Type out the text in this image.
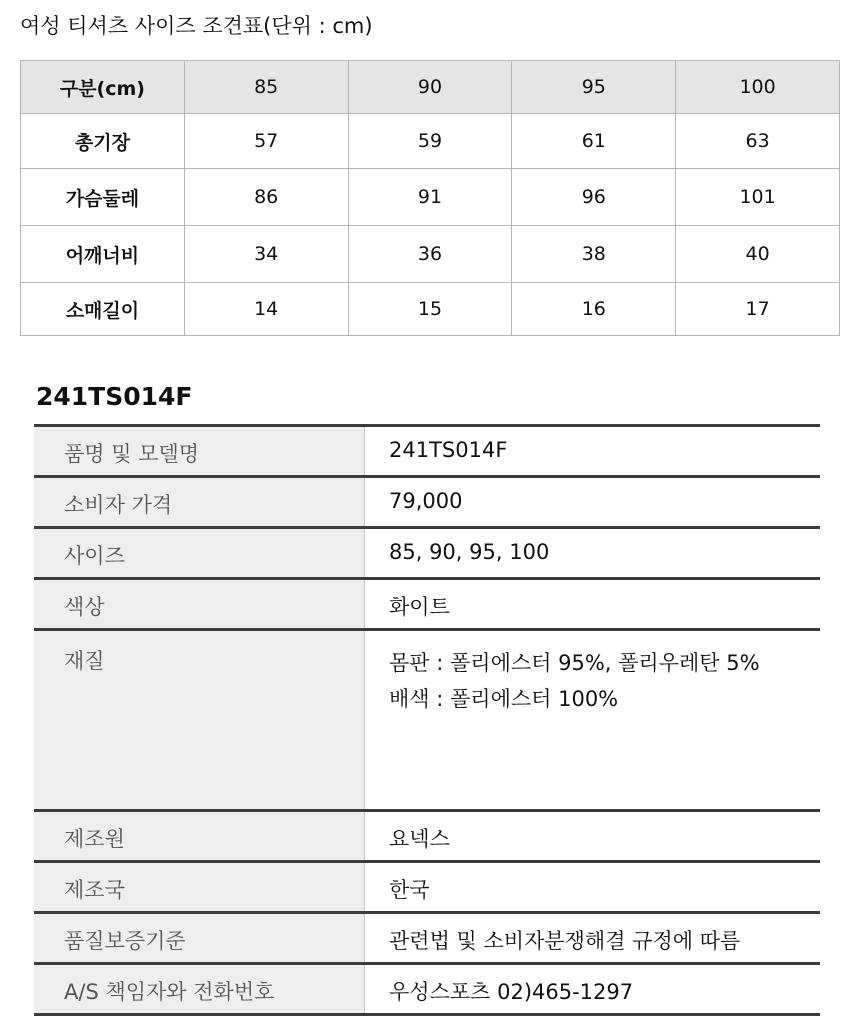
여성 티셔츠 사이즈 조견표(단위 : cm)
구분(cm)	85	90	95	100
총기장	57	59	61	63
가슴둘레	86	91	96	101
어깨너비	34	36	38	40
소매길이	14	15	16	17
241TS014F
품명 및 모델명	241TS014F
소비자 가격	79,000
사이즈	85, 90, 95, 100
색상	화이트
재질	몸판 : 폴리에스터 95%, 폴리우레탄 5%
배색 : 폴리에스터 100%

제조원	요넥스
제조국	한국
품질보증기준	관련법 및 소비자분쟁해결 규정에 따름
A/S 책임자와 전화번호	우성스포츠 02)465-1297
